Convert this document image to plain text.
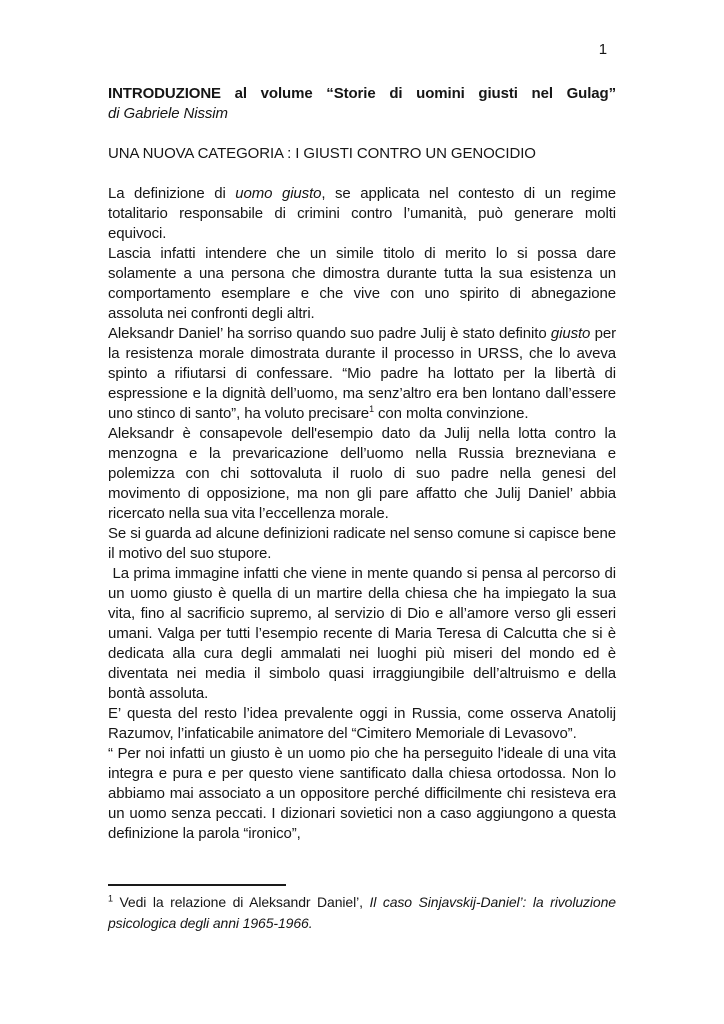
1

INTRODUZIONE al volume “Storie di uomini giusti nel Gulag”

di Gabriele Nissim

UNA NUOVA CATEGORIA : I GIUSTI CONTRO UN GENOCIDIO

La definizione di uomo giusto, se applicata nel contesto di un regime totalitario responsabile di crimini contro l’umanità, può generare molti equivoci.

Lascia infatti intendere che un simile titolo di merito lo si possa dare solamente a una persona che dimostra durante tutta la sua esistenza un comportamento esemplare e che vive con uno spirito di abnegazione assoluta nei confronti degli altri.

Aleksandr Daniel’ ha sorriso quando suo padre Julij è stato definito giusto per la resistenza morale dimostrata durante il processo in URSS, che lo aveva spinto a rifiutarsi di confessare. “Mio padre ha lottato per la libertà di espressione e la dignità dell’uomo, ma senz’altro era ben lontano dall’essere uno stinco di santo”, ha voluto precisare$^1$ con molta convinzione.

Aleksandr è consapevole dell'esempio dato da Julij nella lotta contro la menzogna e la prevaricazione dell’uomo nella Russia brezneviana e polemizza con chi sottovaluta il ruolo di suo padre nella genesi del movimento di opposizione, ma non gli pare affatto che Julij Daniel’ abbia ricercato nella sua vita l’eccellenza morale.

Se si guarda ad alcune definizioni radicate nel senso comune si capisce bene il motivo del suo stupore.

La prima immagine infatti che viene in mente quando si pensa al percorso di un uomo giusto è quella di un martire della chiesa che ha impiegato la sua vita, fino al sacrificio supremo, al servizio di Dio e all’amore verso gli esseri umani. Valga per tutti l’esempio recente di Maria Teresa di Calcutta che si è dedicata alla cura degli ammalati nei luoghi più miseri del mondo ed è diventata nei media il simbolo quasi irraggiungibile dell’altruismo e della bontà assoluta.

E’ questa del resto l’idea prevalente oggi in Russia, come osserva Anatolij Razumov, l’infaticabile animatore del “Cimitero Memoriale di Levasovo”.

“ Per noi infatti un giusto è un uomo pio che ha perseguito l'ideale di una vita integra e pura e per questo viene santificato dalla chiesa ortodossa. Non lo abbiamo mai associato a un oppositore perché difficilmente chi resisteva era un uomo senza peccati. I dizionari sovietici non a caso aggiungono a questa definizione la parola “ironico”,

$^1$ Vedi la relazione di Aleksandr Daniel’, Il caso Sinjavskij-Daniel’: la rivoluzione psicologica degli anni 1965-1966.
